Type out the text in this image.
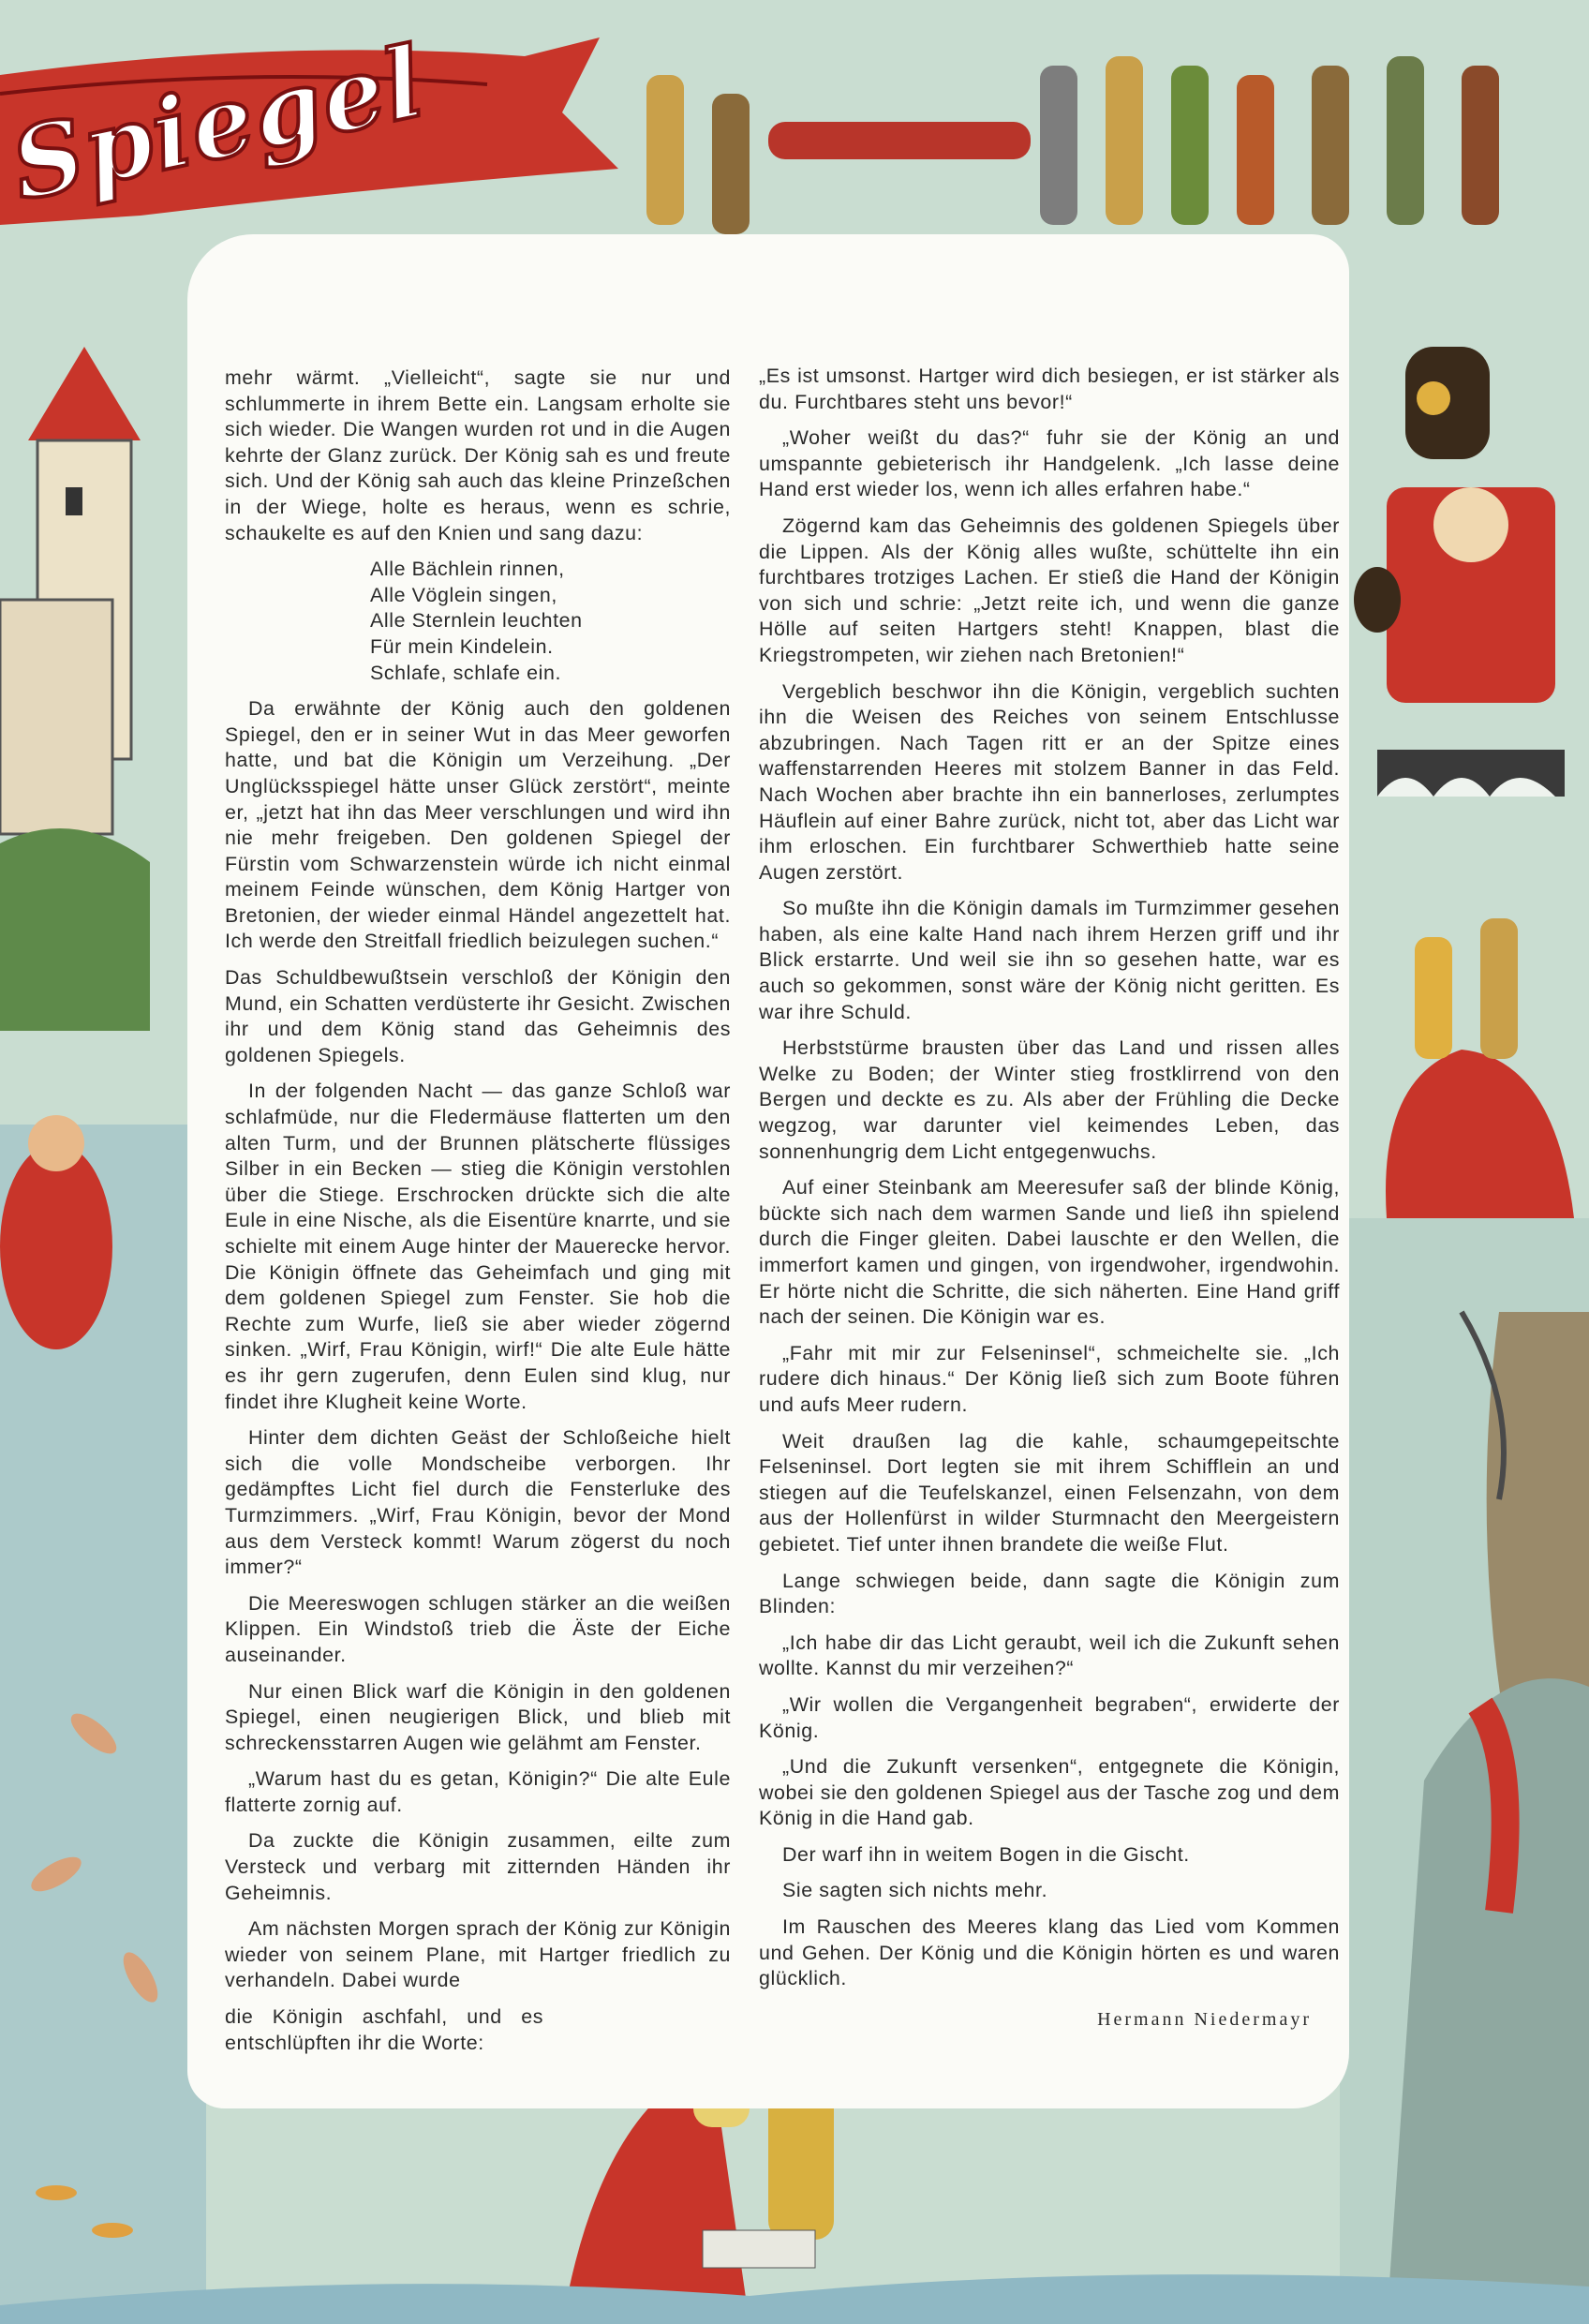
Spiegel

mehr wärmt. „Vielleicht“, sagte sie nur und schlummerte in ihrem Bette ein. Langsam erholte sie sich wieder. Die Wangen wurden rot und in die Augen kehrte der Glanz zurück. Der König sah es und freute sich. Und der König sah auch das kleine Prinzeßchen in der Wiege, holte es heraus, wenn es schrie, schaukelte es auf den Knien und sang dazu:

Alle Bächlein rinnen,
Alle Vöglein singen,
Alle Sternlein leuchten
Für mein Kindelein.
Schlafe, schlafe ein.

Da erwähnte der König auch den goldenen Spiegel, den er in seiner Wut in das Meer geworfen hatte, und bat die Königin um Verzeihung. „Der Unglücksspiegel hätte unser Glück zerstört“, meinte er, „jetzt hat ihn das Meer verschlungen und wird ihn nie mehr freigeben. Den goldenen Spiegel der Fürstin vom Schwarzenstein würde ich nicht einmal meinem Feinde wünschen, dem König Hartger von Bretonien, der wieder einmal Händel angezettelt hat. Ich werde den Streitfall friedlich beizulegen suchen.“

Das Schuldbewußtsein verschloß der Königin den Mund, ein Schatten verdüsterte ihr Gesicht. Zwischen ihr und dem König stand das Geheimnis des goldenen Spiegels.

In der folgenden Nacht — das ganze Schloß war schlafmüde, nur die Fledermäuse flatterten um den alten Turm, und der Brunnen plätscherte flüssiges Silber in ein Becken — stieg die Königin verstohlen über die Stiege. Erschrocken drückte sich die alte Eule in eine Nische, als die Eisentüre knarrte, und sie schielte mit einem Auge hinter der Mauerecke hervor. Die Königin öffnete das Geheimfach und ging mit dem goldenen Spiegel zum Fenster. Sie hob die Rechte zum Wurfe, ließ sie aber wieder zögernd sinken. „Wirf, Frau Königin, wirf!“ Die alte Eule hätte es ihr gern zugerufen, denn Eulen sind klug, nur findet ihre Klugheit keine Worte.

Hinter dem dichten Geäst der Schloßeiche hielt sich die volle Mondscheibe verborgen. Ihr gedämpftes Licht fiel durch die Fensterluke des Turmzimmers. „Wirf, Frau Königin, bevor der Mond aus dem Versteck kommt! Warum zögerst du noch immer?“

Die Meereswogen schlugen stärker an die weißen Klippen. Ein Windstoß trieb die Äste der Eiche auseinander.

Nur einen Blick warf die Königin in den goldenen Spiegel, einen neugierigen Blick, und blieb mit schreckensstarren Augen wie gelähmt am Fenster.

„Warum hast du es getan, Königin?“ Die alte Eule flatterte zornig auf.

Da zuckte die Königin zusammen, eilte zum Versteck und verbarg mit zitternden Händen ihr Geheimnis.

Am nächsten Morgen sprach der König zur Königin wieder von seinem Plane, mit Hartger friedlich zu verhandeln. Dabei wurde

die Königin aschfahl, und es entschlüpften ihr die Worte:

„Es ist umsonst. Hartger wird dich besiegen, er ist stärker als du. Furchtbares steht uns bevor!“

„Woher weißt du das?“ fuhr sie der König an und umspannte gebieterisch ihr Handgelenk. „Ich lasse deine Hand erst wieder los, wenn ich alles erfahren habe.“

Zögernd kam das Geheimnis des goldenen Spiegels über die Lippen. Als der König alles wußte, schüttelte ihn ein furchtbares trotziges Lachen. Er stieß die Hand der Königin von sich und schrie: „Jetzt reite ich, und wenn die ganze Hölle auf seiten Hartgers steht! Knappen, blast die Kriegstrompeten, wir ziehen nach Bretonien!“

Vergeblich beschwor ihn die Königin, vergeblich suchten ihn die Weisen des Reiches von seinem Entschlusse abzubringen. Nach Tagen ritt er an der Spitze eines waffenstarrenden Heeres mit stolzem Banner in das Feld. Nach Wochen aber brachte ihn ein bannerloses, zerlumptes Häuflein auf einer Bahre zurück, nicht tot, aber das Licht war ihm erloschen. Ein furchtbarer Schwerthieb hatte seine Augen zerstört.

So mußte ihn die Königin damals im Turmzimmer gesehen haben, als eine kalte Hand nach ihrem Herzen griff und ihr Blick erstarrte. Und weil sie ihn so gesehen hatte, war es auch so gekommen, sonst wäre der König nicht geritten. Es war ihre Schuld.

Herbststürme brausten über das Land und rissen alles Welke zu Boden; der Winter stieg frostklirrend von den Bergen und deckte es zu. Als aber der Frühling die Decke wegzog, war darunter viel keimendes Leben, das sonnenhungrig dem Licht entgegenwuchs.

Auf einer Steinbank am Meeresufer saß der blinde König, bückte sich nach dem warmen Sande und ließ ihn spielend durch die Finger gleiten. Dabei lauschte er den Wellen, die immerfort kamen und gingen, von irgendwoher, irgendwohin. Er hörte nicht die Schritte, die sich näherten. Eine Hand griff nach der seinen. Die Königin war es.

„Fahr mit mir zur Felseninsel“, schmeichelte sie. „Ich rudere dich hinaus.“ Der König ließ sich zum Boote führen und aufs Meer rudern.

Weit draußen lag die kahle, schaumgepeitschte Felseninsel. Dort legten sie mit ihrem Schifflein an und stiegen auf die Teufelskanzel, einen Felsenzahn, von dem aus der Hollenfürst in wilder Sturmnacht den Meergeistern gebietet. Tief unter ihnen brandete die weiße Flut.

Lange schwiegen beide, dann sagte die Königin zum Blinden:

„Ich habe dir das Licht geraubt, weil ich die Zukunft sehen wollte. Kannst du mir verzeihen?“

„Wir wollen die Vergangenheit begraben“, erwiderte der König.

„Und die Zukunft versenken“, entgegnete die Königin, wobei sie den goldenen Spiegel aus der Tasche zog und dem König in die Hand gab.

Der warf ihn in weitem Bogen in die Gischt.

Sie sagten sich nichts mehr.

Im Rauschen des Meeres klang das Lied vom Kommen und Gehen. Der König und die Königin hörten es und waren glücklich.

Hermann Niedermayr
